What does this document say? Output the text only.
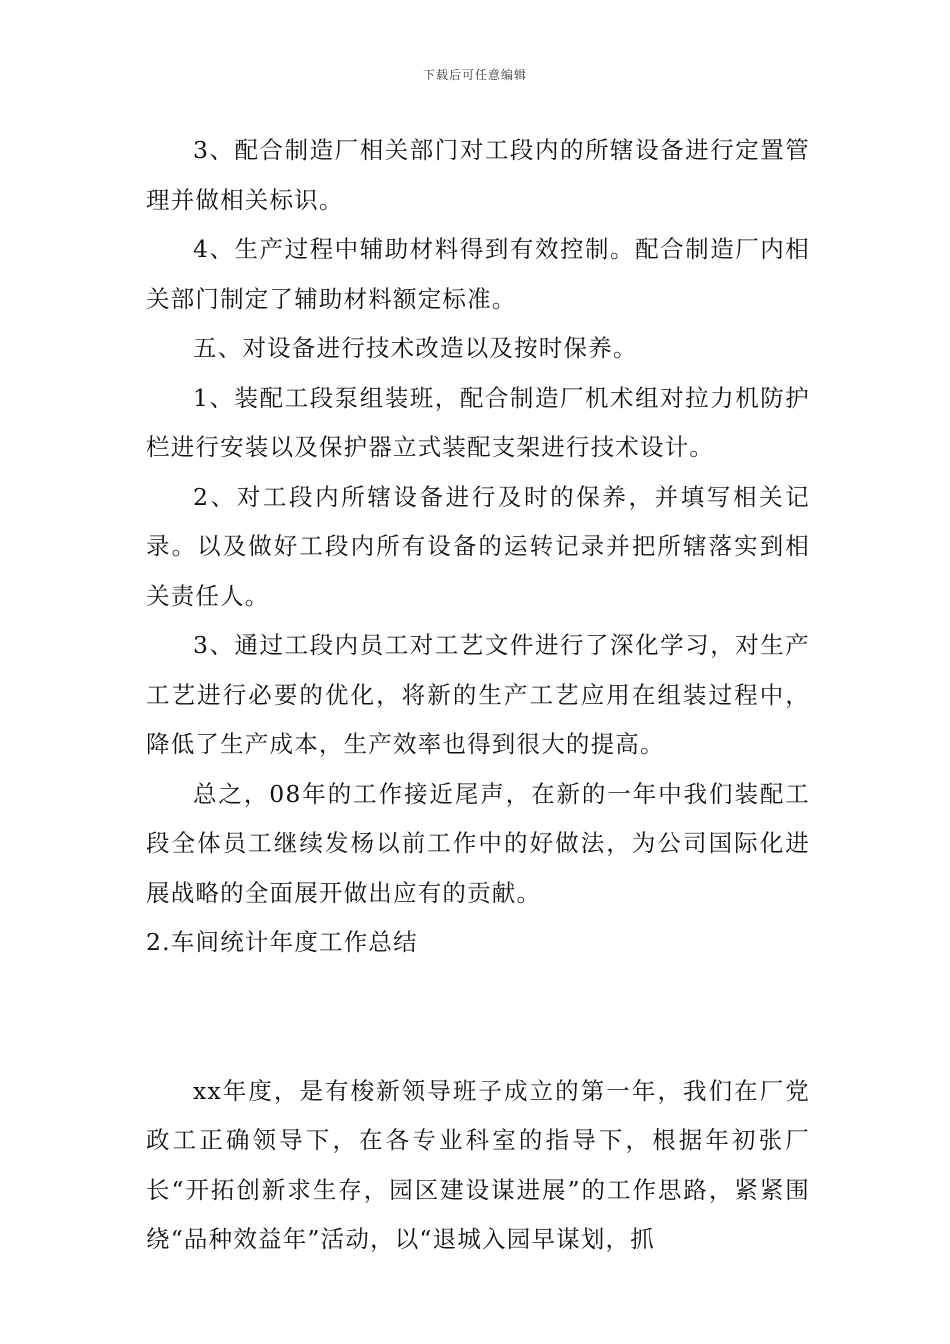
下载后可任意编辑

3、配合制造厂相关部门对工段内的所辖设备进行定置管理并做相关标识。

4、生产过程中辅助材料得到有效控制。配合制造厂内相关部门制定了辅助材料额定标准。

五、对设备进行技术改造以及按时保养。

1、装配工段泵组装班，配合制造厂机术组对拉力机防护栏进行安装以及保护器立式装配支架进行技术设计。

2、对工段内所辖设备进行及时的保养，并填写相关记录。以及做好工段内所有设备的运转记录并把所辖落实到相关责任人。

3、通过工段内员工对工艺文件进行了深化学习，对生产工艺进行必要的优化，将新的生产工艺应用在组装过程中，降低了生产成本，生产效率也得到很大的提高。

总之，08年的工作接近尾声，在新的一年中我们装配工段全体员工继续发杨以前工作中的好做法，为公司国际化进展战略的全面展开做出应有的贡献。

2.车间统计年度工作总结

xx年度，是有梭新领导班子成立的第一年，我们在厂党政工正确领导下，在各专业科室的指导下，根据年初张厂长“开拓创新求生存，园区建设谋进展”的工作思路，紧紧围绕“品种效益年”活动，以“退城入园早谋划，抓
